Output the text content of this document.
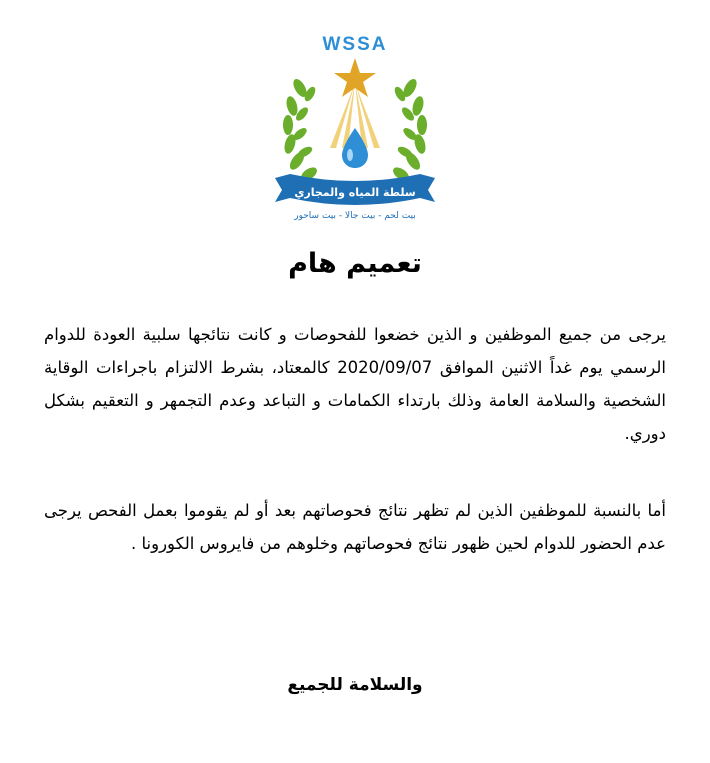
WSSA
سلطة المياه والمجاري
بيت لحم - بيت جالا - بيت ساحور
تعميم هام
يرجى من جميع الموظفين و الذين خضعوا للفحوصات و كانت نتائجها سلبية العودة للدوام الرسمي يوم غداً الاثنين الموافق 2020/09/07 كالمعتاد، بشرط الالتزام باجراءات الوقاية الشخصية والسلامة العامة وذلك بارتداء الكمامات و التباعد وعدم التجمهر و التعقيم بشكل دوري.
أما بالنسبة للموظفين الذين لم تظهر نتائج فحوصاتهم بعد أو لم يقوموا بعمل الفحص يرجى عدم الحضور للدوام لحين ظهور نتائج فحوصاتهم وخلوهم من فايروس الكورونا .
والسلامة للجميع
